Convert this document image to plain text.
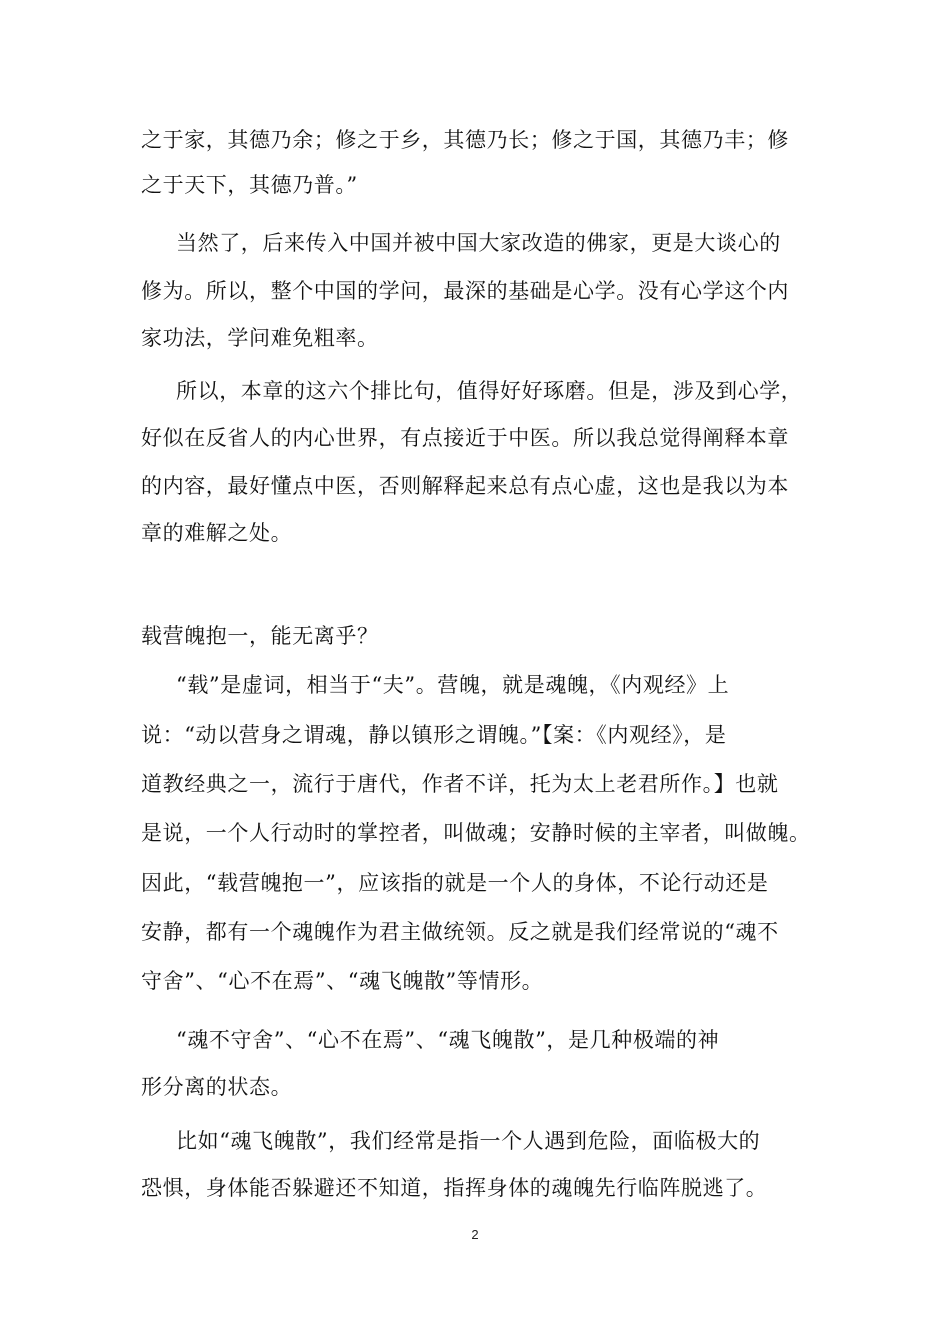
之于家，其德乃余；修之于乡，其德乃长；修之于国，其德乃丰；修
之于天下，其德乃普。”
当然了，后来传入中国并被中国大家改造的佛家，更是大谈心的
修为。所以，整个中国的学问，最深的基础是心学。没有心学这个内
家功法，学问难免粗率。
所以，本章的这六个排比句，值得好好琢磨。但是，涉及到心学，
好似在反省人的内心世界，有点接近于中医。所以我总觉得阐释本章
的内容，最好懂点中医，否则解释起来总有点心虚，这也是我以为本
章的难解之处。
载营魄抱一，能无离乎？
“载”是虚词，相当于“夫”。营魄，就是魂魄，《内观经》上
说：“动以营身之谓魂，静以镇形之谓魄。”【案：《内观经》，是
道教经典之一，流行于唐代，作者不详，托为太上老君所作。】也就
是说，一个人行动时的掌控者，叫做魂；安静时候的主宰者，叫做魄。
因此，“载营魄抱一”，应该指的就是一个人的身体，不论行动还是
安静，都有一个魂魄作为君主做统领。反之就是我们经常说的“魂不
守舍”、“心不在焉”、“魂飞魄散”等情形。
“魂不守舍”、“心不在焉”、“魂飞魄散”，是几种极端的神
形分离的状态。
比如“魂飞魄散”，我们经常是指一个人遇到危险，面临极大的
恐惧，身体能否躲避还不知道，指挥身体的魂魄先行临阵脱逃了。
2
